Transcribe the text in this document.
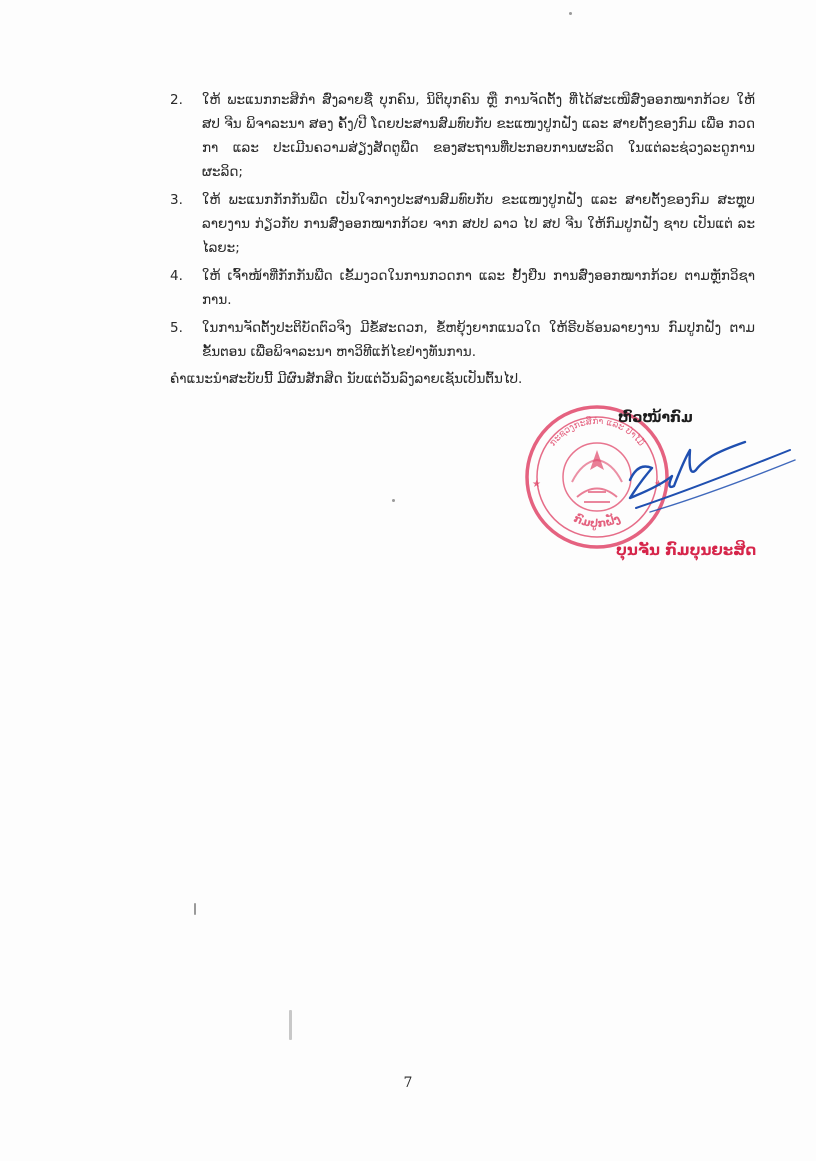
2.	ໃຫ້ ພະແນກກະສິກຳ ສົ່ງລາຍຊື່ ບຸກຄົນ, ນິຕິບຸກຄົນ ຫຼື ການຈັດຕັ້ງ ທີ່ໄດ້ສະເໜີສົ່ງອອກໝາກກ້ວຍ ໃຫ້ ສປ ຈີນ ພິຈາລະນາ ສອງ ຄັ້ງ/ປີ ໂດຍປະສານສົມທົບກັບ ຂະແໜງປູກຝັງ ແລະ ສາຍຕັ້ງຂອງກົມ ເພື່ອ ກວດກາ ແລະ ປະເມີນຄວາມສ່ຽງສັດຕູພືດ ຂອງສະຖານທີ່ປະກອບການຜະລິດ ໃນແຕ່ລະຊ່ວງລະດູການ ຜະລິດ;
3.	ໃຫ້ ພະແນກກັກກັນພືດ ເປັນໃຈກາງປະສານສົມທົບກັບ ຂະແໜງປູກຝັງ ແລະ ສາຍຕັ້ງຂອງກົມ ສະຫຼຸບ ລາຍງານ ກ່ຽວກັບ ການສົ່ງອອກໝາກກ້ວຍ ຈາກ ສປປ ລາວ ໄປ ສປ ຈີນ ໃຫ້ກົມປູກຝັງ ຊາບ ເປັນແຕ່ ລະໄລຍະ;
4.	ໃຫ້ ເຈົ້າໜ້າທີ່ກັກກັນພືດ ເຂັ້ມງວດໃນການກວດກາ ແລະ ຢັ້ງຢືນ ການສົ່ງອອກໝາກກ້ວຍ ຕາມຫຼັກວິຊາ ການ.
5.	ໃນການຈັດຕັ້ງປະຕິບັດຕົວຈິງ ມີຂໍ້ສະດວກ, ຂໍ້ຫຍຸ້ງຍາກແນວໃດ ໃຫ້ຣີບຣ້ອນລາຍງານ ກົມປູກຝັງ ຕາມ ຂັ້ນຕອນ ເພື່ອພິຈາລະນາ ຫາວິທີແກ້ໄຂຢ່າງທັນການ.
ຄຳແນະນຳສະບັບນີ້ ມີຜົນສັກສິດ ນັບແຕ່ວັນລົງລາຍເຊັນເປັນຕົ້ນໄປ.
ກະຊວງກະສິກຳ ແລະ ປ່າໄມ້
ກົມປູກຝັງ
★	★
ຫົວໜ້າກົມ
ບຸນຈັນ ກົມບຸນຍະສິດ
7
